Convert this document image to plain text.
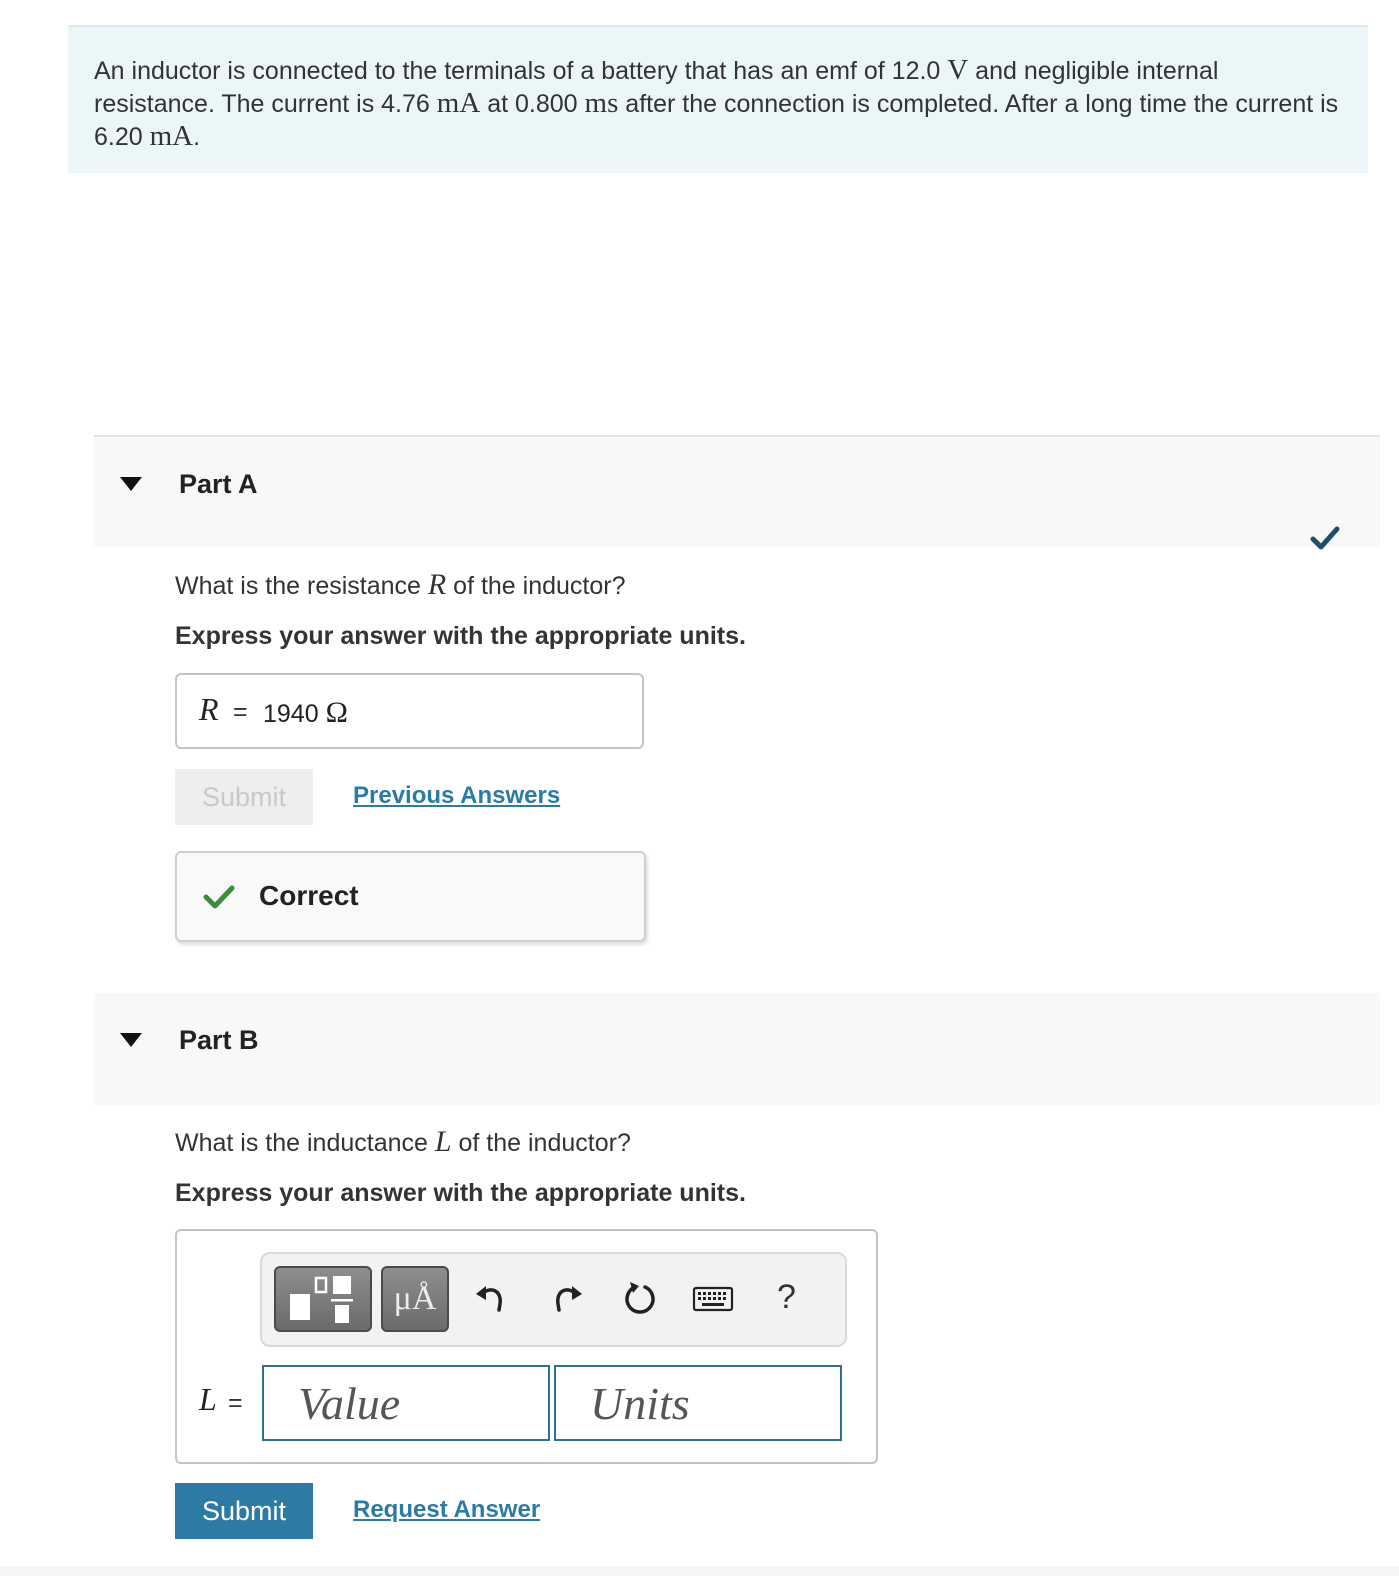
An inductor is connected to the terminals of a battery that has an emf of 12.0 V and negligible internal resistance. The current is 4.76 mA at 0.800 ms after the connection is completed. After a long time the current is 6.20 mA.
Part A
What is the resistance R of the inductor?
Express your answer with the appropriate units.
R = 1940 Ω
Submit	Previous Answers
Correct
Part B
What is the inductance L of the inductor?
Express your answer with the appropriate units.
μÅ	?
L =
Value
Units
Submit	Request Answer
